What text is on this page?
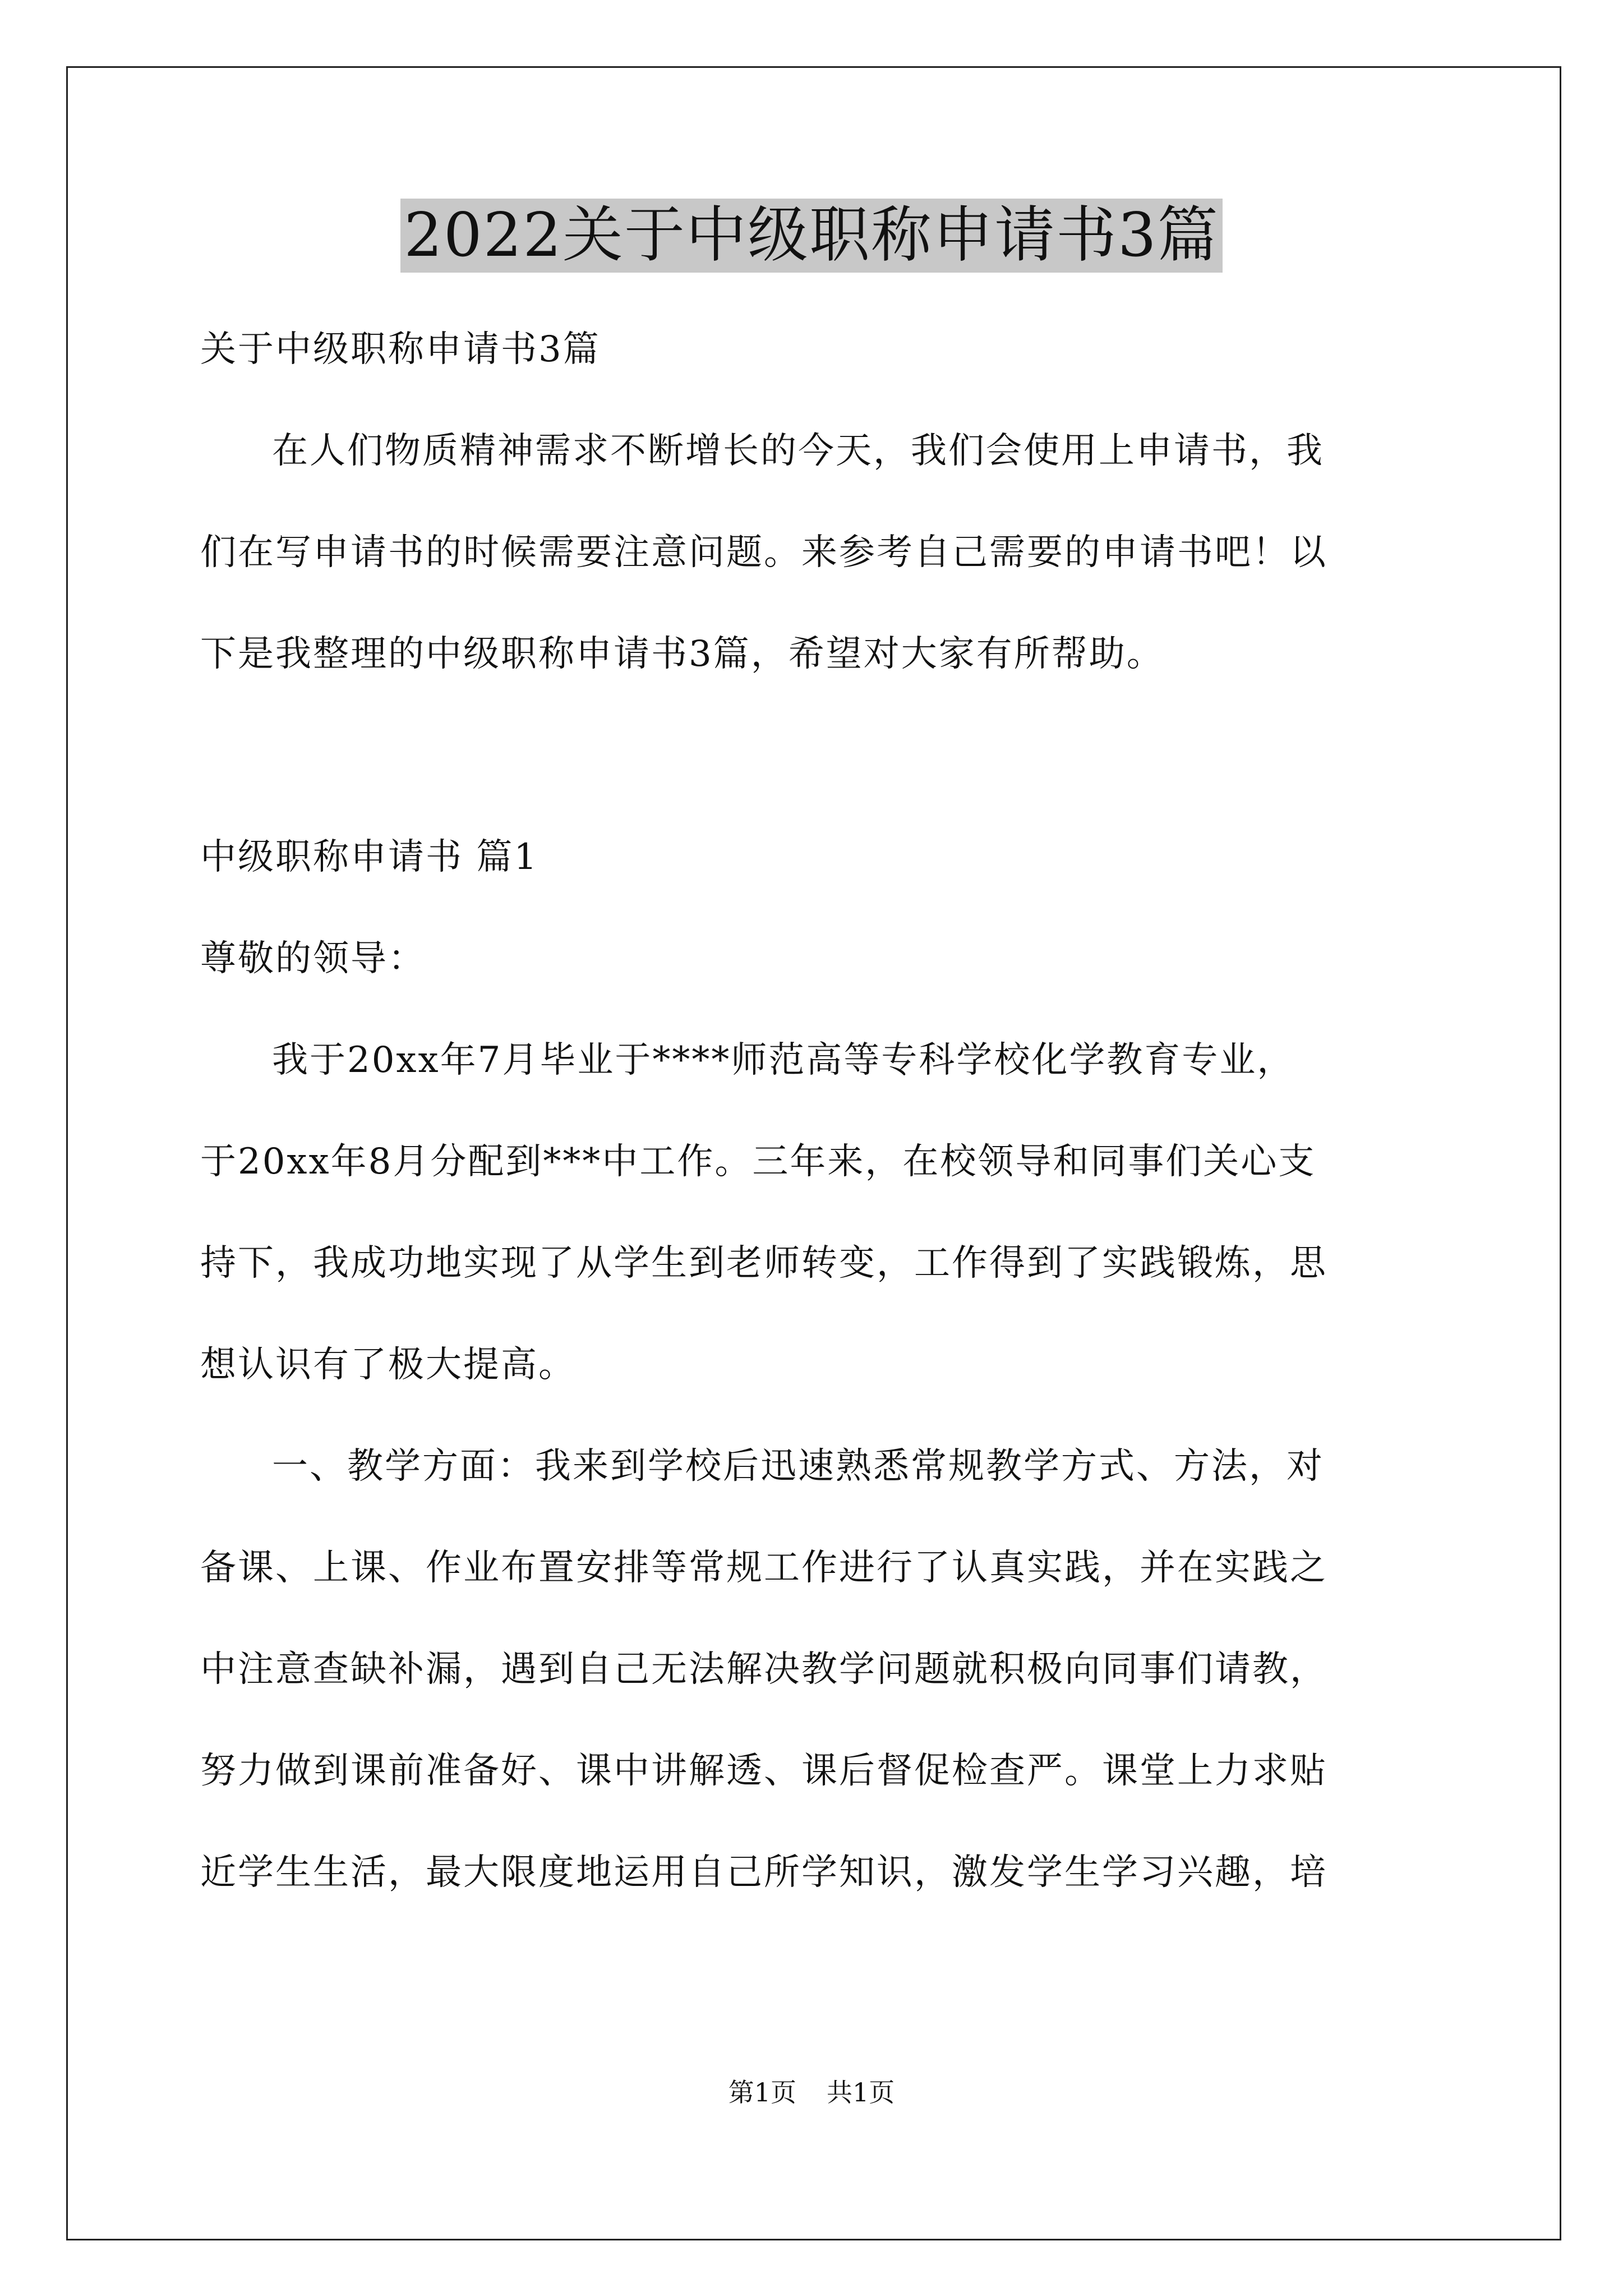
2022关于中级职称申请书3篇
关于中级职称申请书3篇
在人们物质精神需求不断增长的今天，我们会使用上申请书，我
们在写申请书的时候需要注意问题。来参考自己需要的申请书吧！以
下是我整理的中级职称申请书3篇，希望对大家有所帮助。
中级职称申请书 篇1
尊敬的领导：
我于20xx年7月毕业于****师范高等专科学校化学教育专业，
于20xx年8月分配到***中工作。三年来，在校领导和同事们关心支
持下，我成功地实现了从学生到老师转变，工作得到了实践锻炼，思
想认识有了极大提高。
一、教学方面：我来到学校后迅速熟悉常规教学方式、方法，对
备课、上课、作业布置安排等常规工作进行了认真实践，并在实践之
中注意查缺补漏，遇到自己无法解决教学问题就积极向同事们请教，
努力做到课前准备好、课中讲解透、课后督促检查严。课堂上力求贴
近学生生活，最大限度地运用自己所学知识，激发学生学习兴趣，培
第1页 共1页
